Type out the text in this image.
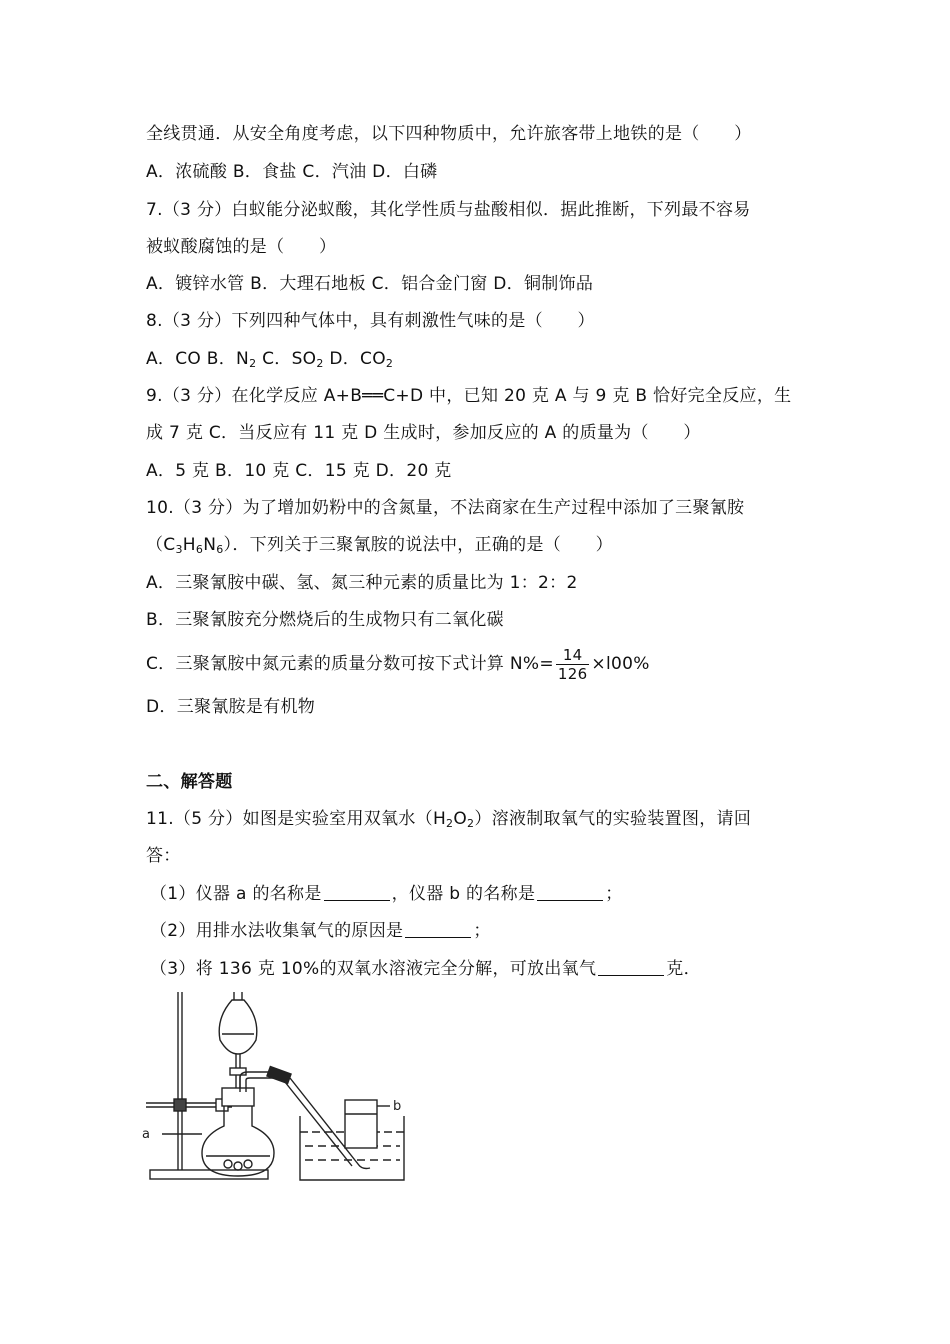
全线贯通．从安全角度考虑，以下四种物质中，允许旅客带上地铁的是（　　）
A．浓硫酸 B．食盐 C．汽油 D．白磷
7.（3 分）白蚁能分泌蚁酸，其化学性质与盐酸相似．据此推断，下列最不容易
被蚁酸腐蚀的是（　　）
A．镀锌水管 B．大理石地板 C．铝合金门窗 D．铜制饰品
8.（3 分）下列四种气体中，具有刺激性气味的是（　　）
A．CO B．$N_2$ C．$SO_2$ D．$CO_2$
9.（3 分）在化学反应 A+B══C+D 中，已知 20 克 A 与 9 克 B 恰好完全反应，生
成 7 克 C．当反应有 11 克 D 生成时，参加反应的 A 的质量为（　　）
A．5 克 B．10 克 C．15 克 D．20 克
10.（3 分）为了增加奶粉中的含氮量，不法商家在生产过程中添加了三聚氰胺
$(C_3H_6N_6)$．下列关于三聚氰胺的说法中，正确的是（　　）
A．三聚氰胺中碳、氢、氮三种元素的质量比为 1：2：2
B．三聚氰胺充分燃烧后的生成物只有二氧化碳
C．三聚氰胺中氮元素的质量分数可按下式计算 $N\%= \frac{14}{126} \times l00\%$
D．三聚氰胺是有机物
二、解答题
11.（5 分）如图是实验室用双氧水$(H_2O_2)$溶液制取氧气的实验装置图，请回
答：
（1）仪器 a 的名称是	，仪器 b 的名称是	；
（2）用排水法收集氧气的原因是	；
（3）将 136 克 10%的双氧水溶液完全分解，可放出氧气	克．
a
b
